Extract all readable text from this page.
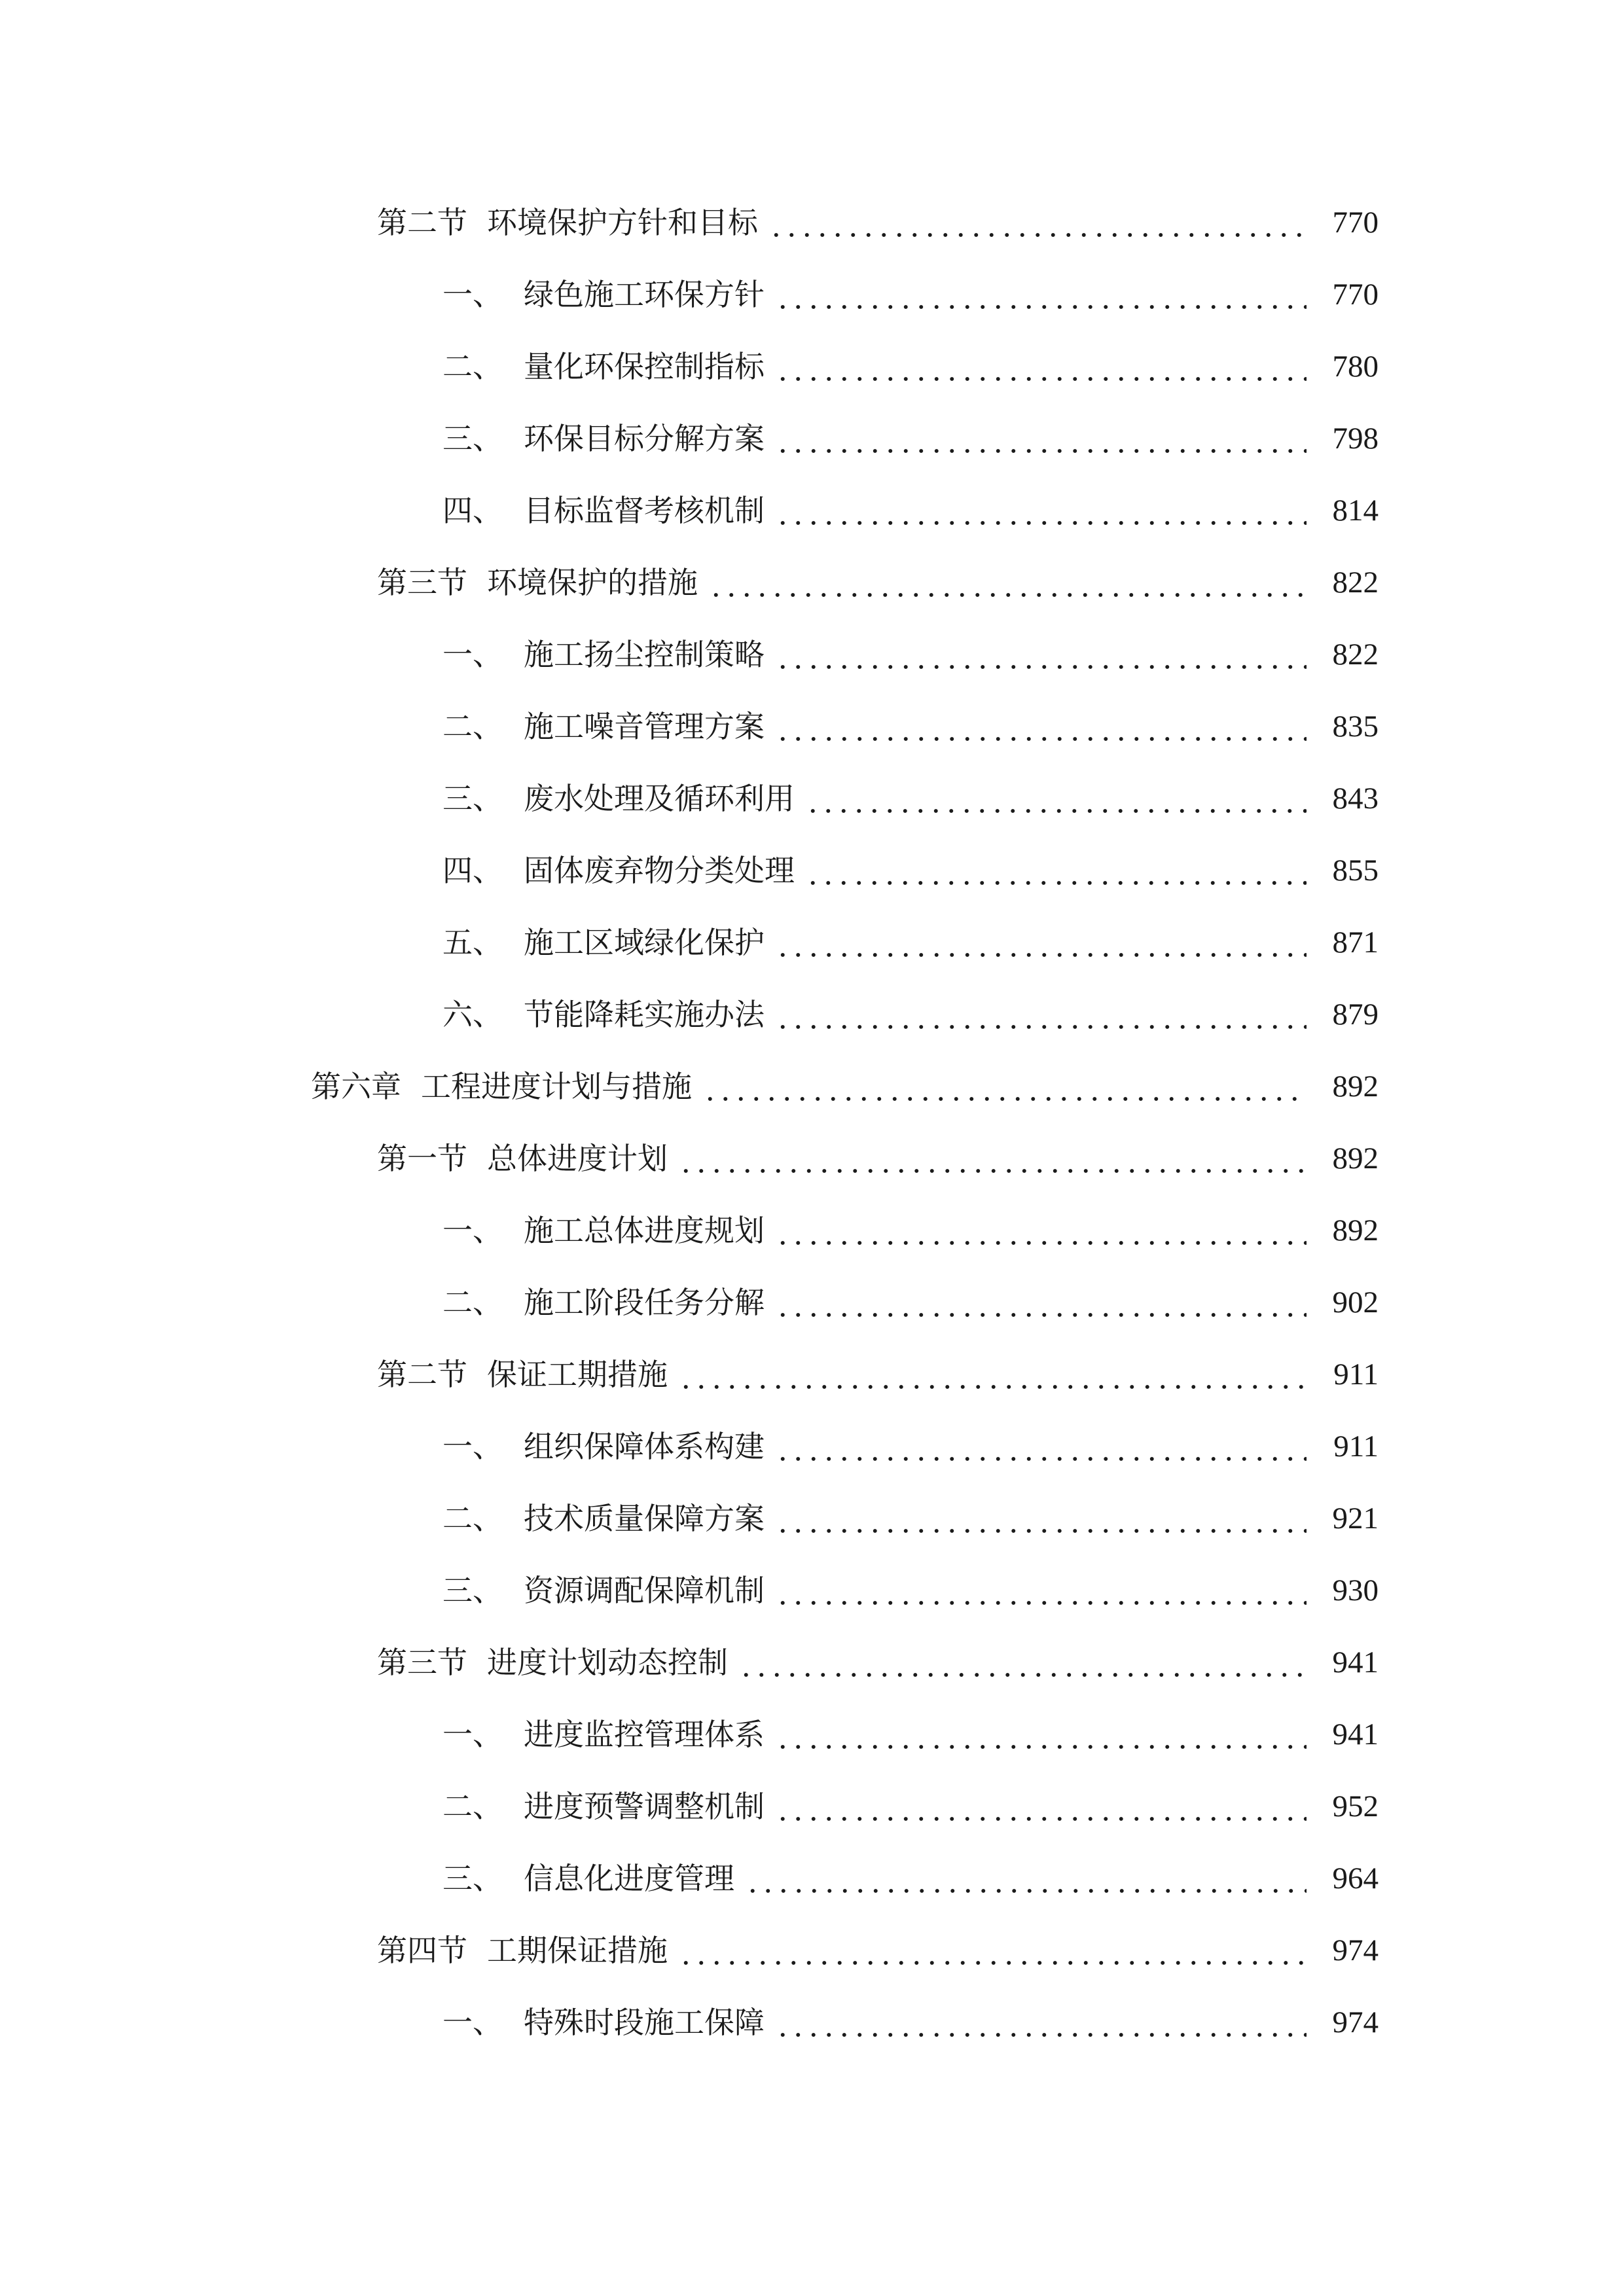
第二节 环境保护方针和目标	770
一、 绿色施工环保方针	770
二、 量化环保控制指标	780
三、 环保目标分解方案	798
四、 目标监督考核机制	814
第三节 环境保护的措施	822
一、 施工扬尘控制策略	822
二、 施工噪音管理方案	835
三、 废水处理及循环利用	843
四、 固体废弃物分类处理	855
五、 施工区域绿化保护	871
六、 节能降耗实施办法	879
第六章 工程进度计划与措施	892
第一节 总体进度计划	892
一、 施工总体进度规划	892
二、 施工阶段任务分解	902
第二节 保证工期措施	911
一、 组织保障体系构建	911
二、 技术质量保障方案	921
三、 资源调配保障机制	930
第三节 进度计划动态控制	941
一、 进度监控管理体系	941
二、 进度预警调整机制	952
三、 信息化进度管理	964
第四节 工期保证措施	974
一、 特殊时段施工保障	974
